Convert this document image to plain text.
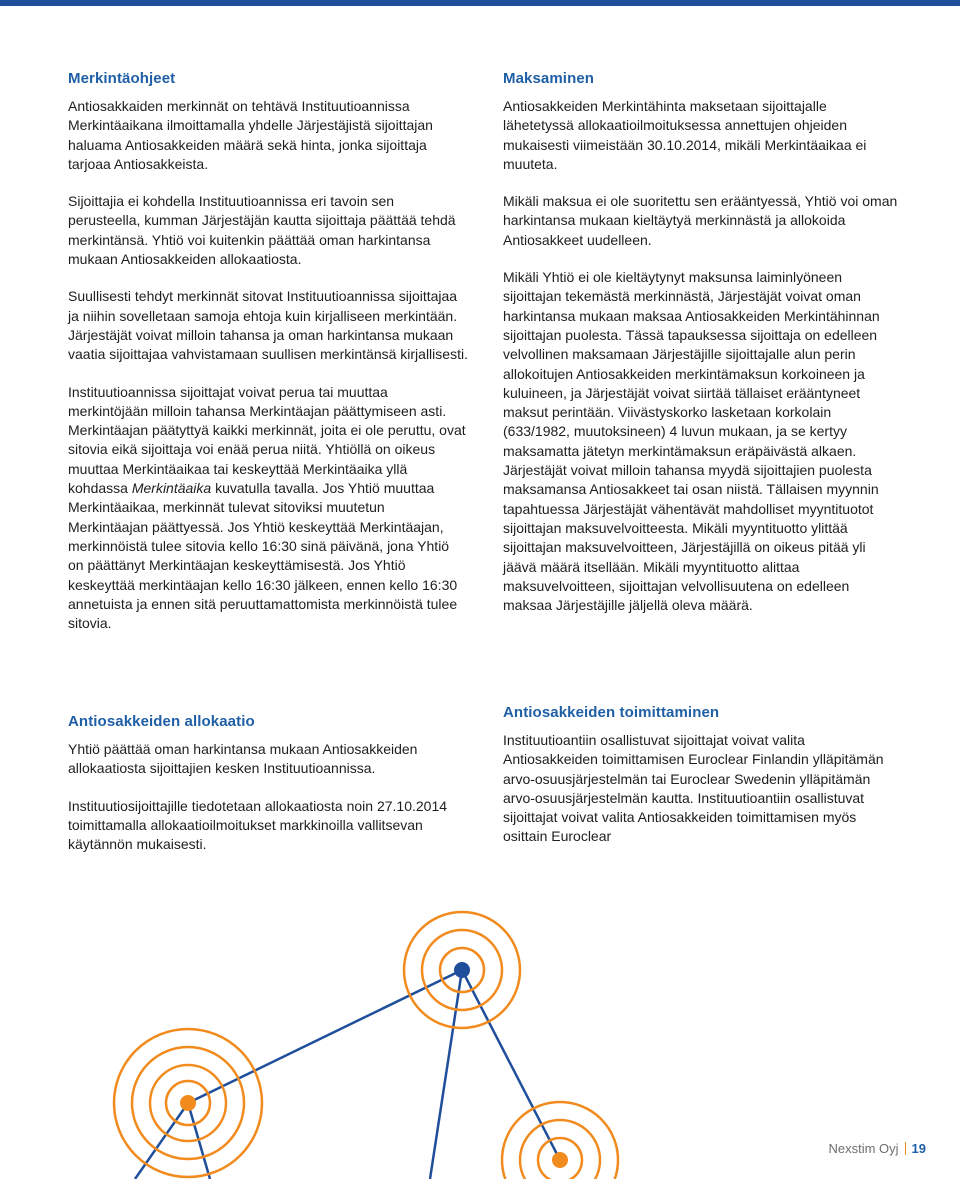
Merkintäohjeet

Antiosakkaiden merkinnät on tehtävä Instituutioannissa Merkintäaikana ilmoittamalla yhdelle Järjestäjistä sijoittajan haluama Antiosakkeiden määrä sekä hinta, jonka sijoittaja tarjoaa Antiosakkeista.

Sijoittajia ei kohdella Instituutioannissa eri tavoin sen perusteella, kumman Järjestäjän kautta sijoittaja päättää tehdä merkintänsä. Yhtiö voi kuitenkin päättää oman harkintansa mukaan Antiosakkeiden allokaatiosta.

Suullisesti tehdyt merkinnät sitovat Instituutioannissa sijoittajaa ja niihin sovelletaan samoja ehtoja kuin kirjalliseen merkintään. Järjestäjät voivat milloin tahansa ja oman harkintansa mukaan vaatia sijoittajaa vahvistamaan suullisen merkintänsä kirjallisesti.

Instituutioannissa sijoittajat voivat perua tai muuttaa merkintöjään milloin tahansa Merkintäajan päättymiseen asti. Merkintäajan päätyttyä kaikki merkinnät, joita ei ole peruttu, ovat sitovia eikä sijoittaja voi enää perua niitä. Yhtiöllä on oikeus muuttaa Merkintäaikaa tai keskeyttää Merkintäaika yllä kohdassa Merkintäaika kuvatulla tavalla. Jos Yhtiö muuttaa Merkintäaikaa, merkinnät tulevat sitoviksi muutetun Merkintäajan päättyessä. Jos Yhtiö keskeyttää Merkintäajan, merkinnöistä tulee sitovia kello 16:30 sinä päivänä, jona Yhtiö on päättänyt Merkintäajan keskeyttämisestä. Jos Yhtiö keskeyttää merkintäajan kello 16:30 jälkeen, ennen kello 16:30 annetuista ja ennen sitä peruuttamattomista merkinnöistä tulee sitovia.

Antiosakkeiden allokaatio

Yhtiö päättää oman harkintansa mukaan Antiosakkeiden allokaatiosta sijoittajien kesken Instituutioannissa.

Instituutiosijoittajille tiedotetaan allokaatiosta noin 27.10.2014 toimittamalla allokaatioilmoitukset markkinoilla vallitsevan käytännön mukaisesti.

Maksaminen

Antiosakkeiden Merkintähinta maksetaan sijoittajalle lähetetyssä allokaatioilmoituksessa annettujen ohjeiden mukaisesti viimeistään 30.10.2014, mikäli Merkintäaikaa ei muuteta.

Mikäli maksua ei ole suoritettu sen erääntyessä, Yhtiö voi oman harkintansa mukaan kieltäytyä merkinnästä ja allokoida Antiosakkeet uudelleen.

Mikäli Yhtiö ei ole kieltäytynyt maksunsa laiminlyöneen sijoittajan tekemästä merkinnästä, Järjestäjät voivat oman harkintansa mukaan maksaa Antiosakkeiden Merkintähinnan sijoittajan puolesta. Tässä tapauksessa sijoittaja on edelleen velvollinen maksamaan Järjestäjille sijoittajalle alun perin allokoitujen Antiosakkeiden merkintämaksun korkoineen ja kuluineen, ja Järjestäjät voivat siirtää tällaiset erääntyneet maksut perintään. Viivästyskorko lasketaan korkolain (633/1982, muutoksineen) 4 luvun mukaan, ja se kertyy maksamatta jätetyn merkintämaksun eräpäivästä alkaen. Järjestäjät voivat milloin tahansa myydä sijoittajien puolesta maksamansa Antiosakkeet tai osan niistä. Tällaisen myynnin tapahtuessa Järjestäjät vähentävät mahdolliset myyntituotot sijoittajan maksuvelvoitteesta. Mikäli myyntituotto ylittää sijoittajan maksuvelvoitteen, Järjestäjillä on oikeus pitää yli jäävä määrä itsellään. Mikäli myyntituotto alittaa maksuvelvoitteen, sijoittajan velvollisuutena on edelleen maksaa Järjestäjille jäljellä oleva määrä.

Antiosakkeiden toimittaminen

Instituutioantiin osallistuvat sijoittajat voivat valita Antiosakkeiden toimittamisen Euroclear Finlandin ylläpitämän arvo-osuusjärjestelmän tai Euroclear Swedenin ylläpitämän arvo-osuusjärjestelmän kautta. Instituutioantiin osallistuvat sijoittajat voivat valita Antiosakkeiden toimittamisen myös osittain Euroclear

Nexstim Oyj 19
